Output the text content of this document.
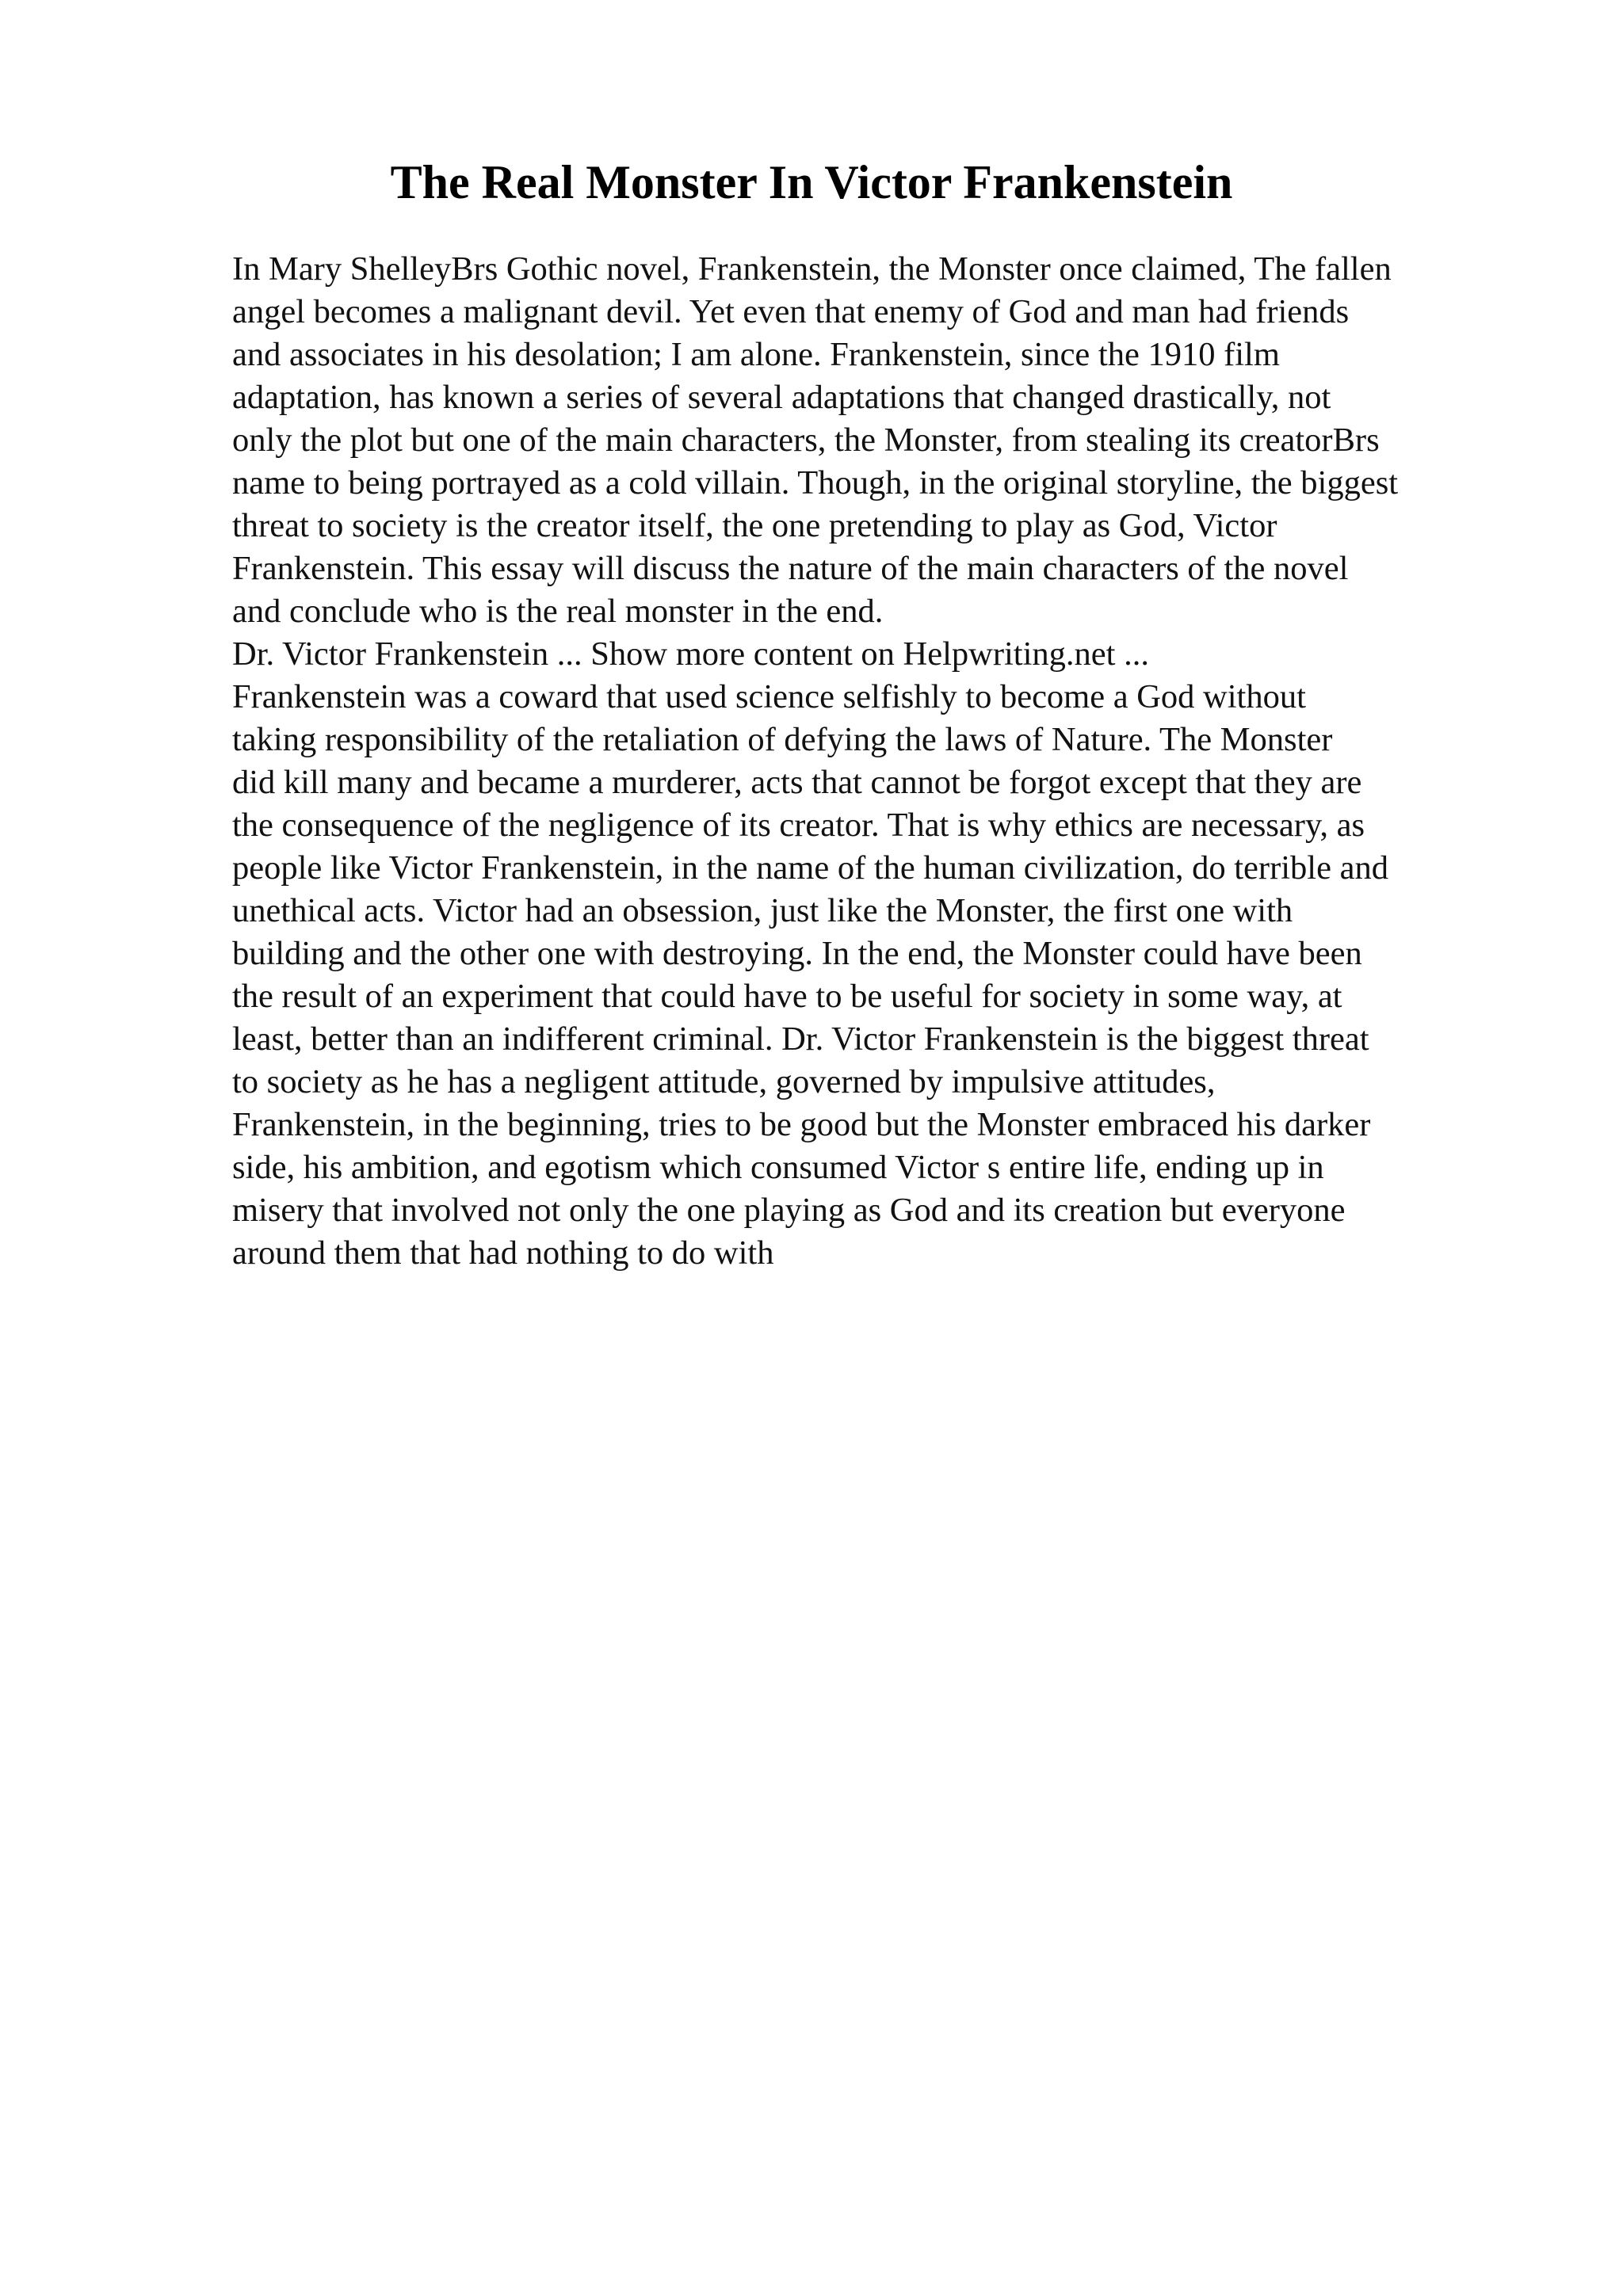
The Real Monster In Victor Frankenstein
In Mary ShelleyBrs Gothic novel, Frankenstein, the Monster once claimed, The fallen
angel becomes a malignant devil. Yet even that enemy of God and man had friends
and associates in his desolation; I am alone. Frankenstein, since the 1910 film
adaptation, has known a series of several adaptations that changed drastically, not
only the plot but one of the main characters, the Monster, from stealing its creatorBrs
name to being portrayed as a cold villain. Though, in the original storyline, the biggest
threat to society is the creator itself, the one pretending to play as God, Victor
Frankenstein. This essay will discuss the nature of the main characters of the novel
and conclude who is the real monster in the end.
Dr. Victor Frankenstein ... Show more content on Helpwriting.net ...
Frankenstein was a coward that used science selfishly to become a God without
taking responsibility of the retaliation of defying the laws of Nature. The Monster
did kill many and became a murderer, acts that cannot be forgot except that they are
the consequence of the negligence of its creator. That is why ethics are necessary, as
people like Victor Frankenstein, in the name of the human civilization, do terrible and
unethical acts. Victor had an obsession, just like the Monster, the first one with
building and the other one with destroying. In the end, the Monster could have been
the result of an experiment that could have to be useful for society in some way, at
least, better than an indifferent criminal. Dr. Victor Frankenstein is the biggest threat
to society as he has a negligent attitude, governed by impulsive attitudes,
Frankenstein, in the beginning, tries to be good but the Monster embraced his darker
side, his ambition, and egotism which consumed Victor s entire life, ending up in
misery that involved not only the one playing as God and its creation but everyone
around them that had nothing to do with
